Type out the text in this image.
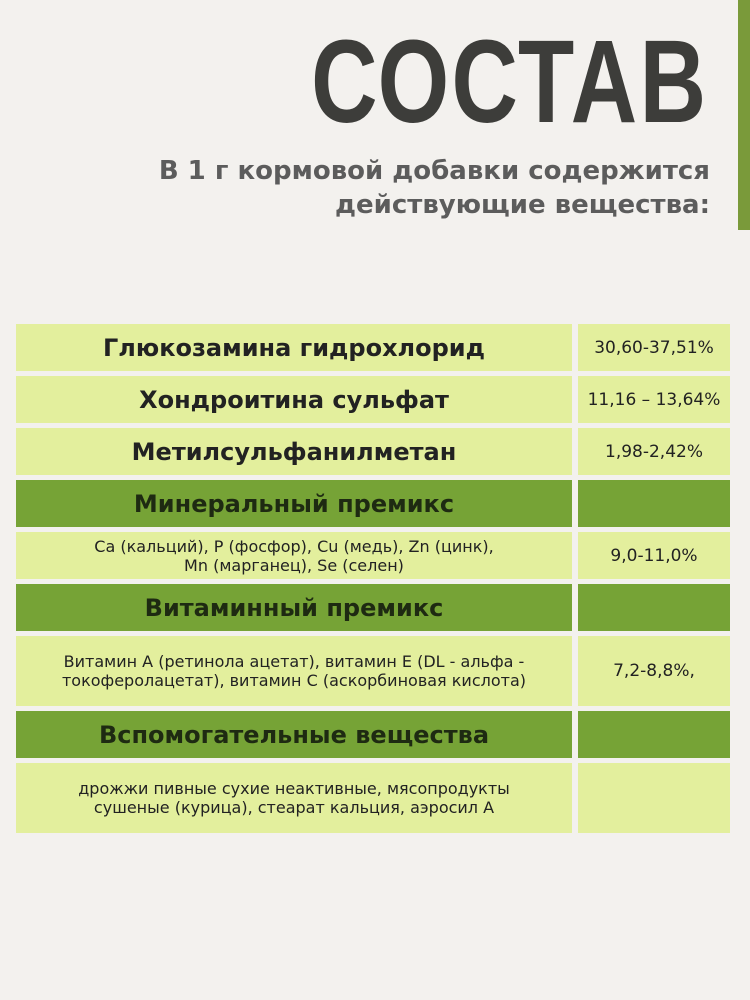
СОСТАВ
В 1 г кормовой добавки содержится
действующие вещества:
Глюкозамина гидрохлорид	30,60-37,51%
Хондроитина сульфат	11,16 – 13,64%
Метилсульфанилметан	1,98-2,42%
Минеральный премикс
Ca (кальций), P (фосфор), Cu (медь), Zn (цинк),
Mn (марганец), Se (селен)	9,0-11,0%
Витаминный премикс
Витамин A (ретинола ацетат), витамин E (DL - альфа -
токоферолацетат), витамин C (аскорбиновая кислота)	7,2-8,8%,
Вспомогательные вещества
дрожжи пивные сухие неактивные, мясопродукты
сушеные (курица), стеарат кальция, аэросил А
